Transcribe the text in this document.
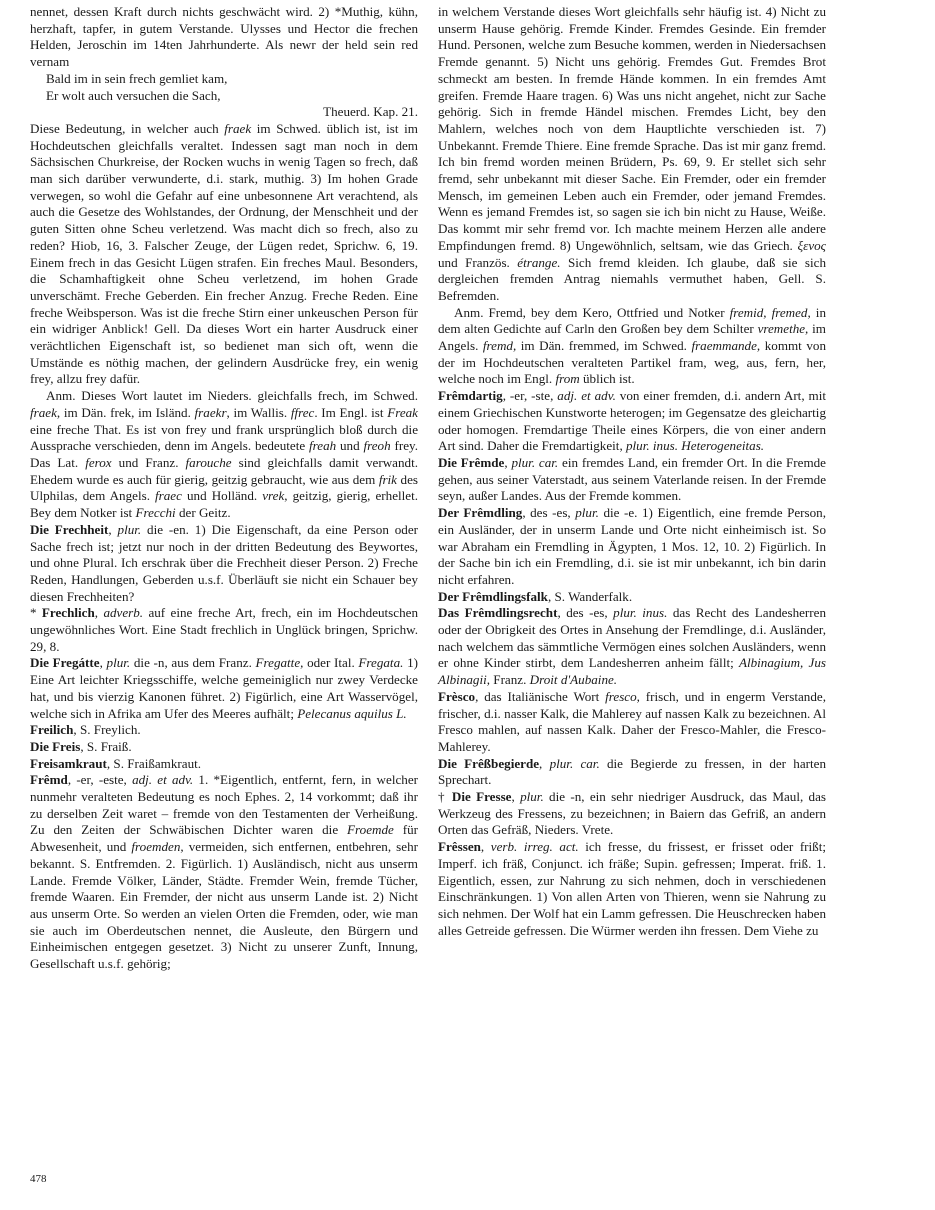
nennet, dessen Kraft durch nichts geschwächt wird. 2) *Muthig, kühn, herzhaft, tapfer, in gutem Verstande. Ulysses und Hector die frechen Helden, Jeroschin im 14ten Jahrhunderte. Als newr der held sein red vernam

Bald im in sein frech gemliet kam,

Er wolt auch versuchen die Sach,

Theuerd. Kap. 21.

Diese Bedeutung, in welcher auch fraek im Schwed. üblich ist, ist im Hochdeutschen gleichfalls veraltet. Indessen sagt man noch in dem Sächsischen Churkreise, der Rocken wuchs in wenig Tagen so frech, daß man sich darüber verwunderte, d.i. stark, muthig. 3) Im hohen Grade verwegen, so wohl die Gefahr auf eine unbesonnene Art verachtend, als auch die Gesetze des Wohlstandes, der Ordnung, der Menschheit und der guten Sitten ohne Scheu verletzend. Was macht dich so frech, also zu reden? Hiob, 16, 3. Falscher Zeuge, der Lügen redet, Sprichw. 6, 19. Einem frech in das Gesicht Lügen strafen. Ein freches Maul. Besonders, die Schamhaftigkeit ohne Scheu verletzend, im hohen Grade unverschämt. Freche Geberden. Ein frecher Anzug. Freche Reden. Eine freche Weibsperson. Was ist die freche Stirn einer unkeuschen Person für ein widriger Anblick! Gell. Da dieses Wort ein harter Ausdruck einer verächtlichen Eigenschaft ist, so bedienet man sich oft, wenn die Umstände es nöthig machen, der gelindern Ausdrücke frey, ein wenig frey, allzu frey dafür.

Anm. Dieses Wort lautet im Nieders. gleichfalls frech, im Schwed. fraek, im Dän. frek, im Isländ. fraekr, im Wallis. ffrec. Im Engl. ist Freak eine freche That. Es ist von frey und frank ursprünglich bloß durch die Aussprache verschieden, denn im Angels. bedeutete freah und freoh frey. Das Lat. ferox und Franz. farouche sind gleichfalls damit verwandt. Ehedem wurde es auch für gierig, geitzig gebraucht, wie aus dem frik des Ulphilas, dem Angels. fraec und Holländ. vrek, geitzig, gierig, erhellet. Bey dem Notker ist Frecchi der Geitz.

Die Frechheit, plur. die -en. 1) Die Eigenschaft, da eine Person oder Sache frech ist; jetzt nur noch in der dritten Bedeutung des Beywortes, und ohne Plural. Ich erschrak über die Frechheit dieser Person. 2) Freche Reden, Handlungen, Geberden u.s.f. Überläuft sie nicht ein Schauer bey diesen Frechheiten?

* Frechlich, adverb. auf eine freche Art, frech, ein im Hochdeutschen ungewöhnliches Wort. Eine Stadt frechlich in Unglück bringen, Sprichw. 29, 8.

Die Fregátte, plur. die -n, aus dem Franz. Fregatte, oder Ital. Fregata. 1) Eine Art leichter Kriegsschiffe, welche gemeiniglich nur zwey Verdecke hat, und bis vierzig Kanonen führet. 2) Figürlich, eine Art Wasservögel, welche sich in Afrika am Ufer des Meeres aufhält; Pelecanus aquilus L.

Freilich, S. Freylich.

Die Freis, S. Fraiß.

Freisamkraut, S. Fraißamkraut.

Frêmd, -er, -este, adj. et adv. 1. *Eigentlich, entfernt, fern, in welcher nunmehr veralteten Bedeutung es noch Ephes. 2, 14 vorkommt; daß ihr zu derselben Zeit waret – fremde von den Testamenten der Verheißung. Zu den Zeiten der Schwäbischen Dichter waren die Froemde für Abwesenheit, und froemden, vermeiden, sich entfernen, entbehren, sehr bekannt. S. Entfremden. 2. Figürlich. 1) Ausländisch, nicht aus unserm Lande. Fremde Völker, Länder, Städte. Fremder Wein, fremde Tücher, fremde Waaren. Ein Fremder, der nicht aus unserm Lande ist. 2) Nicht aus unserm Orte. So werden an vielen Orten die Fremden, oder, wie man sie auch im Oberdeutschen nennet, die Ausleute, den Bürgern und Einheimischen entgegen gesetzet. 3) Nicht zu unserer Zunft, Innung, Gesellschaft u.s.f. gehörig;

in welchem Verstande dieses Wort gleichfalls sehr häufig ist. 4) Nicht zu unserm Hause gehörig. Fremde Kinder. Fremdes Gesinde. Ein fremder Hund. Personen, welche zum Besuche kommen, werden in Niedersachsen Fremde genannt. 5) Nicht uns gehörig. Fremdes Gut. Fremdes Brot schmeckt am besten. In fremde Hände kommen. In ein fremdes Amt greifen. Fremde Haare tragen. 6) Was uns nicht angehet, nicht zur Sache gehörig. Sich in fremde Händel mischen. Fremdes Licht, bey den Mahlern, welches noch von dem Hauptlichte verschieden ist. 7) Unbekannt. Fremde Thiere. Eine fremde Sprache. Das ist mir ganz fremd. Ich bin fremd worden meinen Brüdern, Ps. 69, 9. Er stellet sich sehr fremd, sehr unbekannt mit dieser Sache. Ein Fremder, oder ein fremder Mensch, im gemeinen Leben auch ein Fremder, oder jemand Fremdes. Wenn es jemand Fremdes ist, so sagen sie ich bin nicht zu Hause, Weiße. Das kommt mir sehr fremd vor. Ich machte meinem Herzen alle andere Empfindungen fremd. 8) Ungewöhnlich, seltsam, wie das Griech. ξενος und Französ. étrange. Sich fremd kleiden. Ich glaube, daß sie sich dergleichen fremden Antrag niemahls vermuthet haben, Gell. S. Befremden.

Anm. Fremd, bey dem Kero, Ottfried und Notker fremid, fremed, in dem alten Gedichte auf Carln den Großen bey dem Schilter vremethe, im Angels. fremd, im Dän. fremmed, im Schwed. fraemmande, kommt von der im Hochdeutschen veralteten Partikel fram, weg, aus, fern, her, welche noch im Engl. from üblich ist.

Frêmdartig, -er, -ste, adj. et adv. von einer fremden, d.i. andern Art, mit einem Griechischen Kunstworte heterogen; im Gegensatze des gleichartig oder homogen. Fremdartige Theile eines Körpers, die von einer andern Art sind. Daher die Fremdartigkeit, plur. inus. Heterogeneitas.

Die Frêmde, plur. car. ein fremdes Land, ein fremder Ort. In die Fremde gehen, aus seiner Vaterstadt, aus seinem Vaterlande reisen. In der Fremde seyn, außer Landes. Aus der Fremde kommen.

Der Frêmdling, des -es, plur. die -e. 1) Eigentlich, eine fremde Person, ein Ausländer, der in unserm Lande und Orte nicht einheimisch ist. So war Abraham ein Fremdling in Ägypten, 1 Mos. 12, 10. 2) Figürlich. In der Sache bin ich ein Fremdling, d.i. sie ist mir unbekannt, ich bin darin nicht erfahren.

Der Frêmdlingsfalk, S. Wanderfalk.

Das Frêmdlingsrecht, des -es, plur. inus. das Recht des Landesherren oder der Obrigkeit des Ortes in Ansehung der Fremdlinge, d.i. Ausländer, nach welchem das sämmtliche Vermögen eines solchen Ausländers, wenn er ohne Kinder stirbt, dem Landesherren anheim fällt; Albinagium, Jus Albinagii, Franz. Droit d'Aubaine.

Frèsco, das Italiänische Wort fresco, frisch, und in engerm Verstande, frischer, d.i. nasser Kalk, die Mahlerey auf nassen Kalk zu bezeichnen. Al Fresco mahlen, auf nassen Kalk. Daher der Fresco-Mahler, die Fresco-Mahlerey.

Die Frêßbegierde, plur. car. die Begierde zu fressen, in der harten Sprechart.

† Die Fresse, plur. die -n, ein sehr niedriger Ausdruck, das Maul, das Werkzeug des Fressens, zu bezeichnen; in Baiern das Gefriß, an andern Orten das Gefräß, Nieders. Vrete.

Frêssen, verb. irreg. act. ich fresse, du frissest, er frisset oder frißt; Imperf. ich fräß, Conjunct. ich fräße; Supin. gefressen; Imperat. friß. 1. Eigentlich, essen, zur Nahrung zu sich nehmen, doch in verschiedenen Einschränkungen. 1) Von allen Arten von Thieren, wenn sie Nahrung zu sich nehmen. Der Wolf hat ein Lamm gefressen. Die Heuschrecken haben alles Getreide gefressen. Die Würmer werden ihn fressen. Dem Viehe zu

478
